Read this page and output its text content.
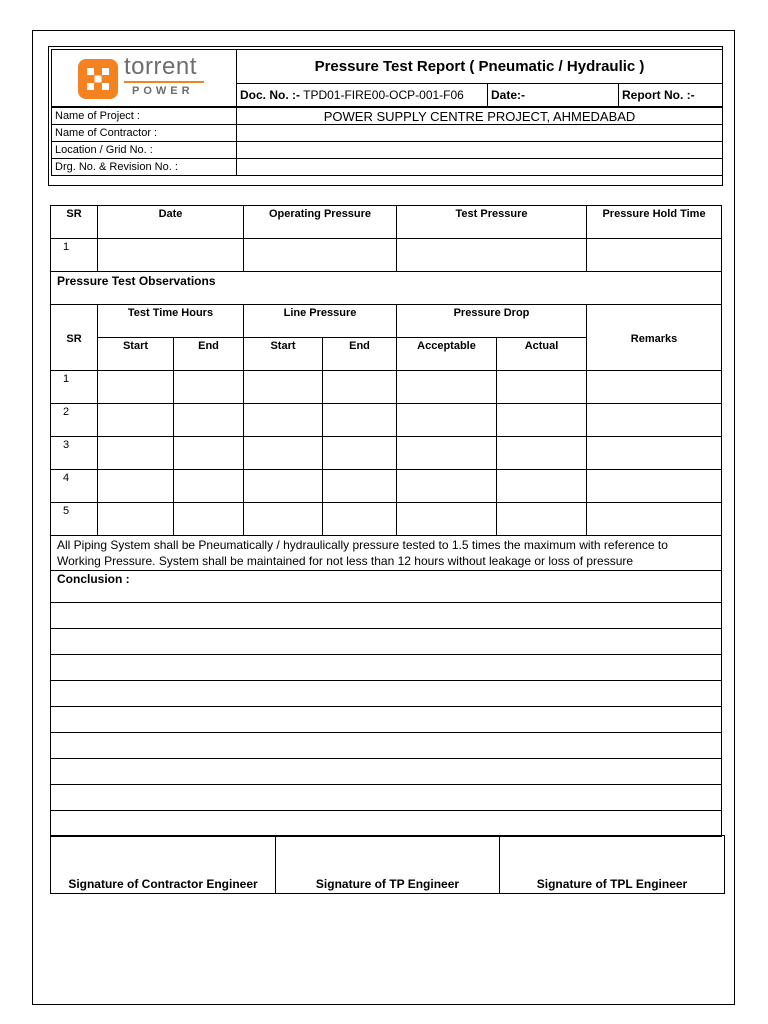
torrent
POWER	Pressure Test Report ( Pneumatic / Hydraulic )		
	Doc. No. :- TPD01-FIRE00-OCP-001-F06	Date:-	Report No. :-
Name of Project :	POWER SUPPLY CENTRE PROJECT, AHMEDABAD		
Name of Contractor :			
Location / Grid No. :			
Drg. No. & Revision No. :			
SR	Date		Operating Pressure		Test Pressure		Pressure Hold Time
1							
Pressure Test Observations							
SR	Test Time Hours		Line Pressure		Pressure Drop		Remarks
	Start	End	Start	End	Acceptable	Actual	
1							
2							
3							
4							
5							
All Piping System shall be Pneumatically / hydraulically pressure tested to 1.5 times the maximum with reference to Working Pressure. System shall be maintained for not less than 12 hours without leakage or loss of pressure							
Conclusion :							

Signature of Contractor Engineer	Signature of TP Engineer	Signature of TPL Engineer
